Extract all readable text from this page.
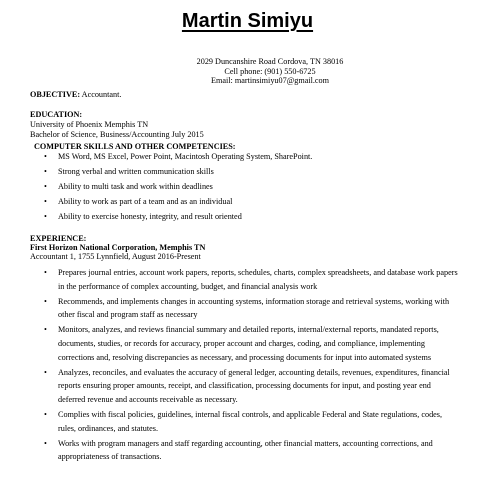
Martin Simiyu
2029 Duncanshire Road Cordova, TN 38016
Cell phone: (901) 550-6725
Email: martinsimiyu07@gmail.com
OBJECTIVE: Accountant.
EDUCATION:
University of Phoenix Memphis TN
Bachelor of Science, Business/Accounting July 2015
COMPUTER SKILLS AND OTHER COMPETENCIES:
• MS Word, MS Excel, Power Point, Macintosh Operating System, SharePoint.
• Strong verbal and written communication skills
• Ability to multi task and work within deadlines
• Ability to work as part of a team and as an individual
• Ability to exercise honesty, integrity, and result oriented
EXPERIENCE:
First Horizon National Corporation, Memphis TN
Accountant 1, 1755 Lynnfield, August 2016-Present
• Prepares journal entries, account work papers, reports, schedules, charts, complex spreadsheets, and database work papers in the performance of complex accounting, budget, and financial analysis work
• Recommends, and implements changes in accounting systems, information storage and retrieval systems, working with other fiscal and program staff as necessary
• Monitors, analyzes, and reviews financial summary and detailed reports, internal/external reports, mandated reports, documents, studies, or records for accuracy, proper account and charges, coding, and compliance, implementing corrections and, resolving discrepancies as necessary, and processing documents for input into automated systems
• Analyzes, reconciles, and evaluates the accuracy of general ledger, accounting details, revenues, expenditures, financial reports ensuring proper amounts, receipt, and classification, processing documents for input, and posting year end deferred revenue and accounts receivable as necessary.
• Complies with fiscal policies, guidelines, internal fiscal controls, and applicable Federal and State regulations, codes, rules, ordinances, and statutes.
• Works with program managers and staff regarding accounting, other financial matters, accounting corrections, and appropriateness of transactions.
